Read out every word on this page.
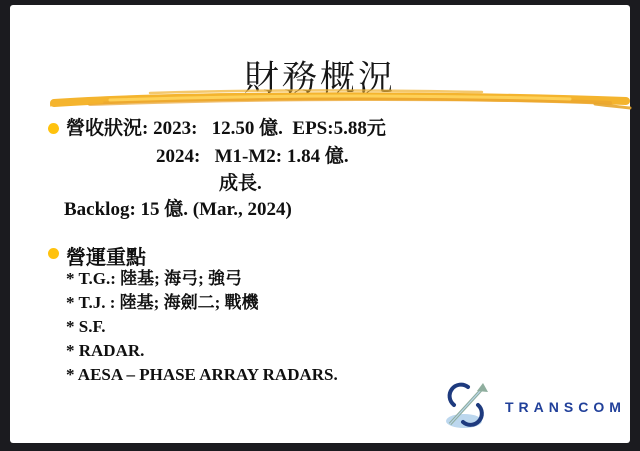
財務概況
營收狀況: 2023:   12.50 億.  EPS:5.88元
2024:   M1-M2: 1.84 億.
成長.
Backlog: 15 億. (Mar., 2024)
營運重點
* T.G.: 陸基; 海弓; 強弓
* T.J. : 陸基; 海劍二; 戰機
* S.F.
* RADAR.
* AESA – PHASE ARRAY RADARS.
TRANSCOM
